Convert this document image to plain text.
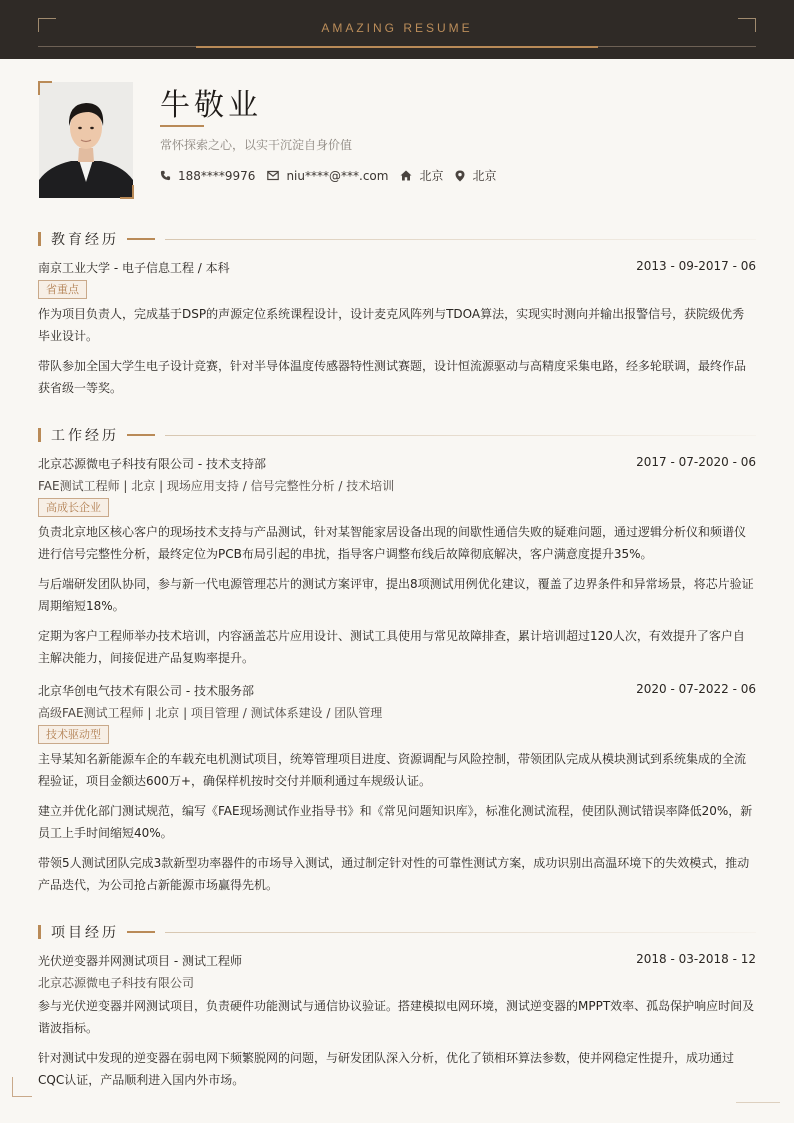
AMAZING RESUME
牛敬业
常怀探索之心，以实干沉淀自身价值
188****9976	niu****@***.com	北京 北京
教育经历
南京工业大学 - 电子信息工程 / 本科	2013 - 09-2017 - 06
省重点
作为项目负责人，完成基于DSP的声源定位系统课程设计，设计麦克风阵列与TDOA算法，实现实时测向并输出报警信号，获院级优秀毕业设计。
带队参加全国大学生电子设计竞赛，针对半导体温度传感器特性测试赛题，设计恒流源驱动与高精度采集电路，经多轮联调，最终作品获省级一等奖。
工作经历
北京芯源微电子科技有限公司 - 技术支持部	2017 - 07-2020 - 06
FAE测试工程师 | 北京 | 现场应用支持 / 信号完整性分析 / 技术培训
高成长企业
负责北京地区核心客户的现场技术支持与产品测试，针对某智能家居设备出现的间歇性通信失败的疑难问题，通过逻辑分析仪和频谱仪进行信号完整性分析，最终定位为PCB布局引起的串扰，指导客户调整布线后故障彻底解决，客户满意度提升35%。
与后端研发团队协同，参与新一代电源管理芯片的测试方案评审，提出8项测试用例优化建议，覆盖了边界条件和异常场景，将芯片验证周期缩短18%。
定期为客户工程师举办技术培训，内容涵盖芯片应用设计、测试工具使用与常见故障排查，累计培训超过120人次，有效提升了客户自主解决能力，间接促进产品复购率提升。
北京华创电气技术有限公司 - 技术服务部	2020 - 07-2022 - 06
高级FAE测试工程师 | 北京 | 项目管理 / 测试体系建设 / 团队管理
技术驱动型
主导某知名新能源车企的车载充电机测试项目，统筹管理项目进度、资源调配与风险控制，带领团队完成从模块测试到系统集成的全流程验证，项目金额达600万+，确保样机按时交付并顺利通过车规级认证。
建立并优化部门测试规范，编写《FAE现场测试作业指导书》和《常见问题知识库》，标准化测试流程，使团队测试错误率降低20%，新员工上手时间缩短40%。
带领5人测试团队完成3款新型功率器件的市场导入测试，通过制定针对性的可靠性测试方案，成功识别出高温环境下的失效模式，推动产品迭代，为公司抢占新能源市场赢得先机。
项目经历
光伏逆变器并网测试项目 - 测试工程师	2018 - 03-2018 - 12
北京芯源微电子科技有限公司
参与光伏逆变器并网测试项目，负责硬件功能测试与通信协议验证。搭建模拟电网环境，测试逆变器的MPPT效率、孤岛保护响应时间及谐波指标。
针对测试中发现的逆变器在弱电网下频繁脱网的问题，与研发团队深入分析，优化了锁相环算法参数，使并网稳定性提升，成功通过CQC认证，产品顺利进入国内外市场。
